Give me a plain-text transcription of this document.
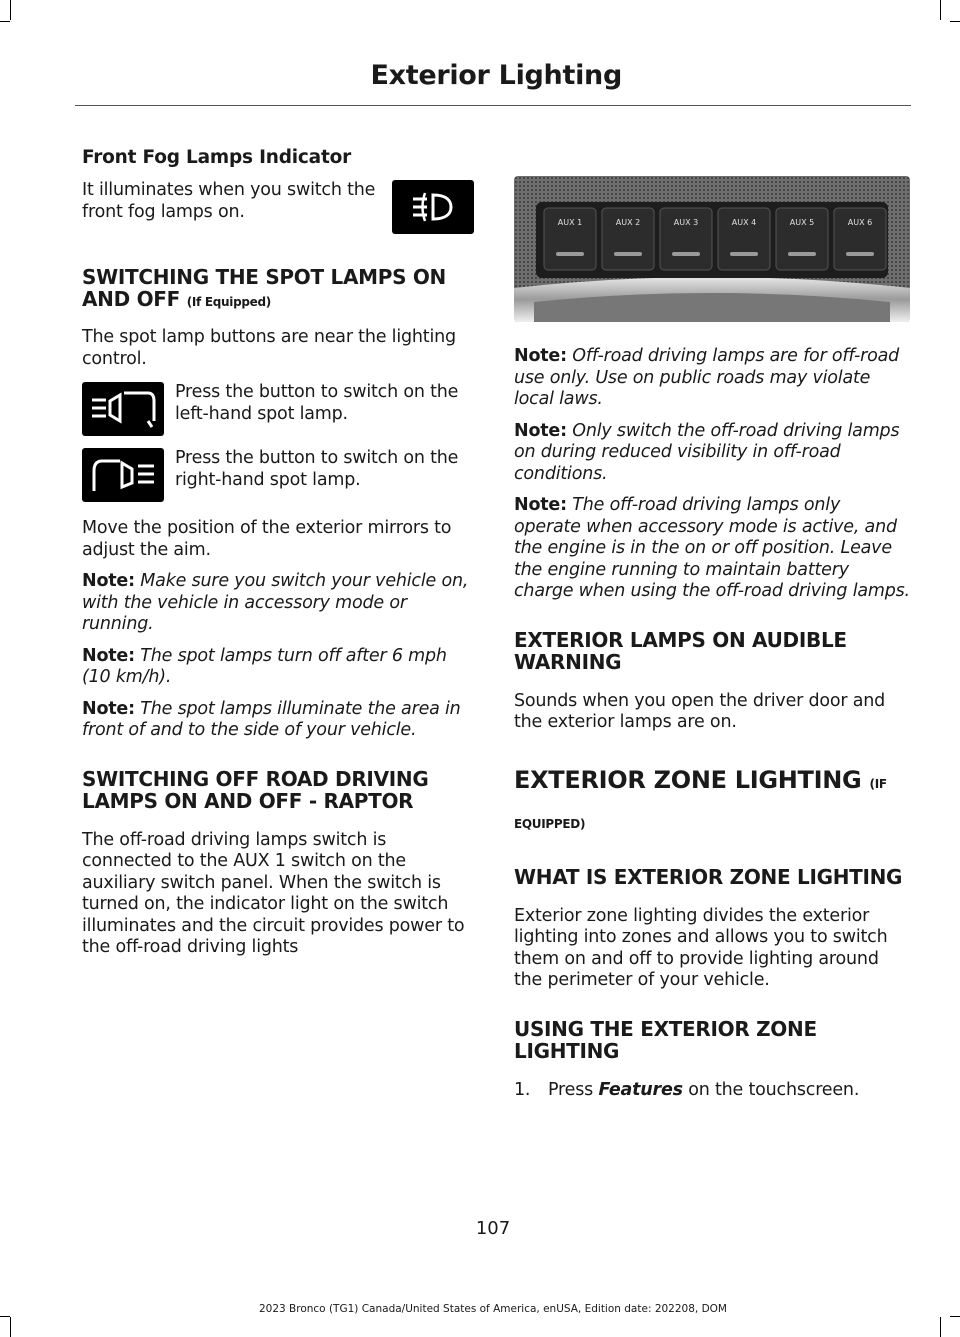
Exterior Lighting
Front Fog Lamps Indicator

It illuminates when you switch the front fog lamps on.

SWITCHING THE SPOT LAMPS ON AND OFF (If Equipped)

The spot lamp buttons are near the lighting control.

Press the button to switch on the left-hand spot lamp.

Press the button to switch on the right-hand spot lamp.

Move the position of the exterior mirrors to adjust the aim.

Note: Make sure you switch your vehicle on, with the vehicle in accessory mode or running.

Note: The spot lamps turn off after 6 mph (10 km/h).

Note: The spot lamps illuminate the area in front of and to the side of your vehicle.

SWITCHING OFF ROAD DRIVING LAMPS ON AND OFF - RAPTOR

The off-road driving lamps switch is connected to the AUX 1 switch on the auxiliary switch panel. When the switch is turned on, the indicator light on the switch illuminates and the circuit provides power to the off-road driving lights

AUX 1	AUX 2	AUX 3	AUX 4	AUX 5	AUX 6

Note: Off-road driving lamps are for off-road use only. Use on public roads may violate local laws.

Note: Only switch the off-road driving lamps on during reduced visibility in off-road conditions.

Note: The off-road driving lamps only operate when accessory mode is active, and the engine is in the on or off position. Leave the engine running to maintain battery charge when using the off-road driving lamps.

EXTERIOR LAMPS ON AUDIBLE WARNING

Sounds when you open the driver door and the exterior lamps are on.

EXTERIOR ZONE LIGHTING (IF EQUIPPED)
WHAT IS EXTERIOR ZONE LIGHTING

Exterior zone lighting divides the exterior lighting into zones and allows you to switch them on and off to provide lighting around the perimeter of your vehicle.

USING THE EXTERIOR ZONE LIGHTING

1. Press Features on the touchscreen.

107
2023 Bronco (TG1) Canada/United States of America, enUSA, Edition date: 202208, DOM
